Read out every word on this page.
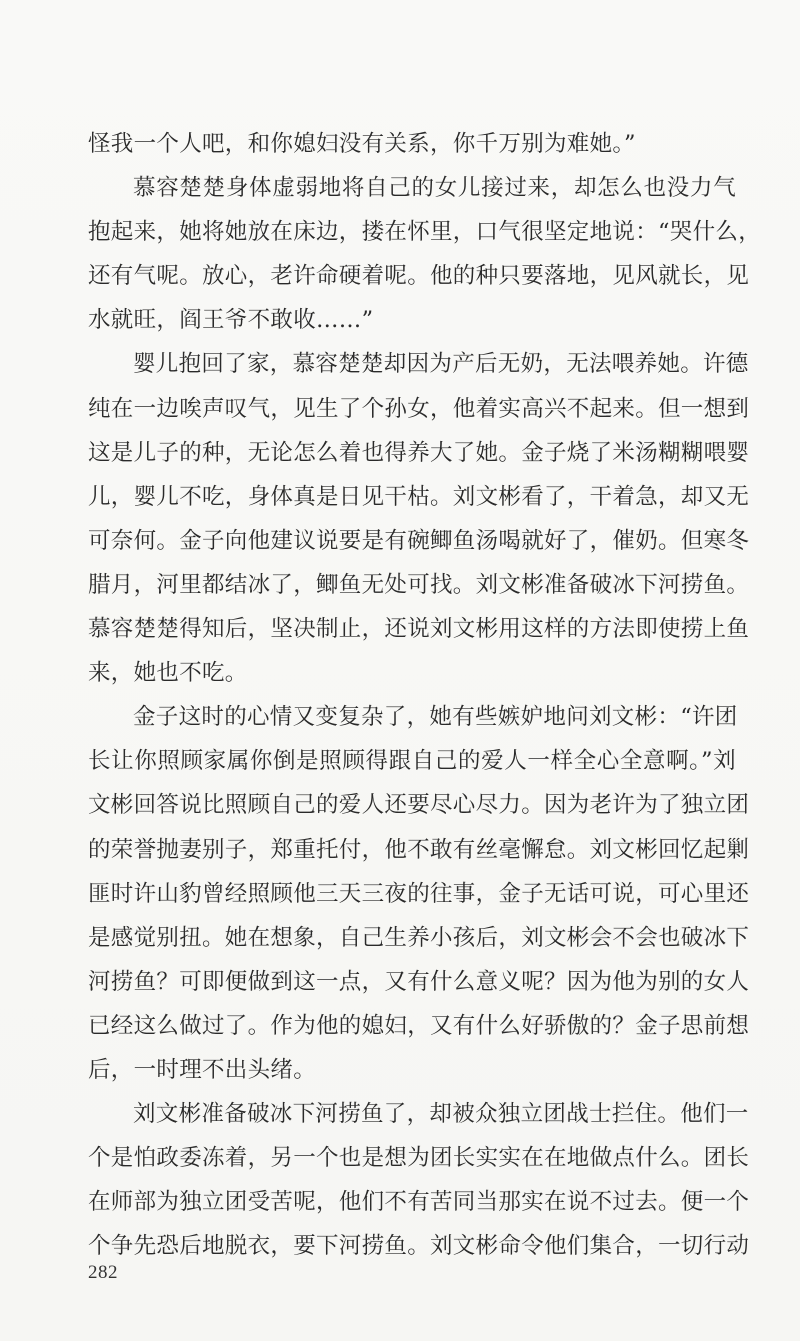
怪我一个人吧，和你媳妇没有关系，你千万别为难她。”
慕容楚楚身体虚弱地将自己的女儿接过来，却怎么也没力气
抱起来，她将她放在床边，搂在怀里，口气很坚定地说：“哭什么，
还有气呢。放心，老许命硬着呢。他的种只要落地，见风就长，见
水就旺，阎王爷不敢收……”
婴儿抱回了家，慕容楚楚却因为产后无奶，无法喂养她。许德
纯在一边唉声叹气，见生了个孙女，他着实高兴不起来。但一想到
这是儿子的种，无论怎么着也得养大了她。金子烧了米汤糊糊喂婴
儿，婴儿不吃，身体真是日见干枯。刘文彬看了，干着急，却又无
可奈何。金子向他建议说要是有碗鲫鱼汤喝就好了，催奶。但寒冬
腊月，河里都结冰了，鲫鱼无处可找。刘文彬准备破冰下河捞鱼。
慕容楚楚得知后，坚决制止，还说刘文彬用这样的方法即使捞上鱼
来，她也不吃。
金子这时的心情又变复杂了，她有些嫉妒地问刘文彬：“许团
长让你照顾家属你倒是照顾得跟自己的爱人一样全心全意啊。”刘
文彬回答说比照顾自己的爱人还要尽心尽力。因为老许为了独立团
的荣誉抛妻别子，郑重托付，他不敢有丝毫懈怠。刘文彬回忆起剿
匪时许山豹曾经照顾他三天三夜的往事，金子无话可说，可心里还
是感觉别扭。她在想象，自己生养小孩后，刘文彬会不会也破冰下
河捞鱼？可即便做到这一点，又有什么意义呢？因为他为别的女人
已经这么做过了。作为他的媳妇，又有什么好骄傲的？金子思前想
后，一时理不出头绪。
刘文彬准备破冰下河捞鱼了，却被众独立团战士拦住。他们一
个是怕政委冻着，另一个也是想为团长实实在在地做点什么。团长
在师部为独立团受苦呢，他们不有苦同当那实在说不过去。便一个
个争先恐后地脱衣，要下河捞鱼。刘文彬命令他们集合，一切行动
282
